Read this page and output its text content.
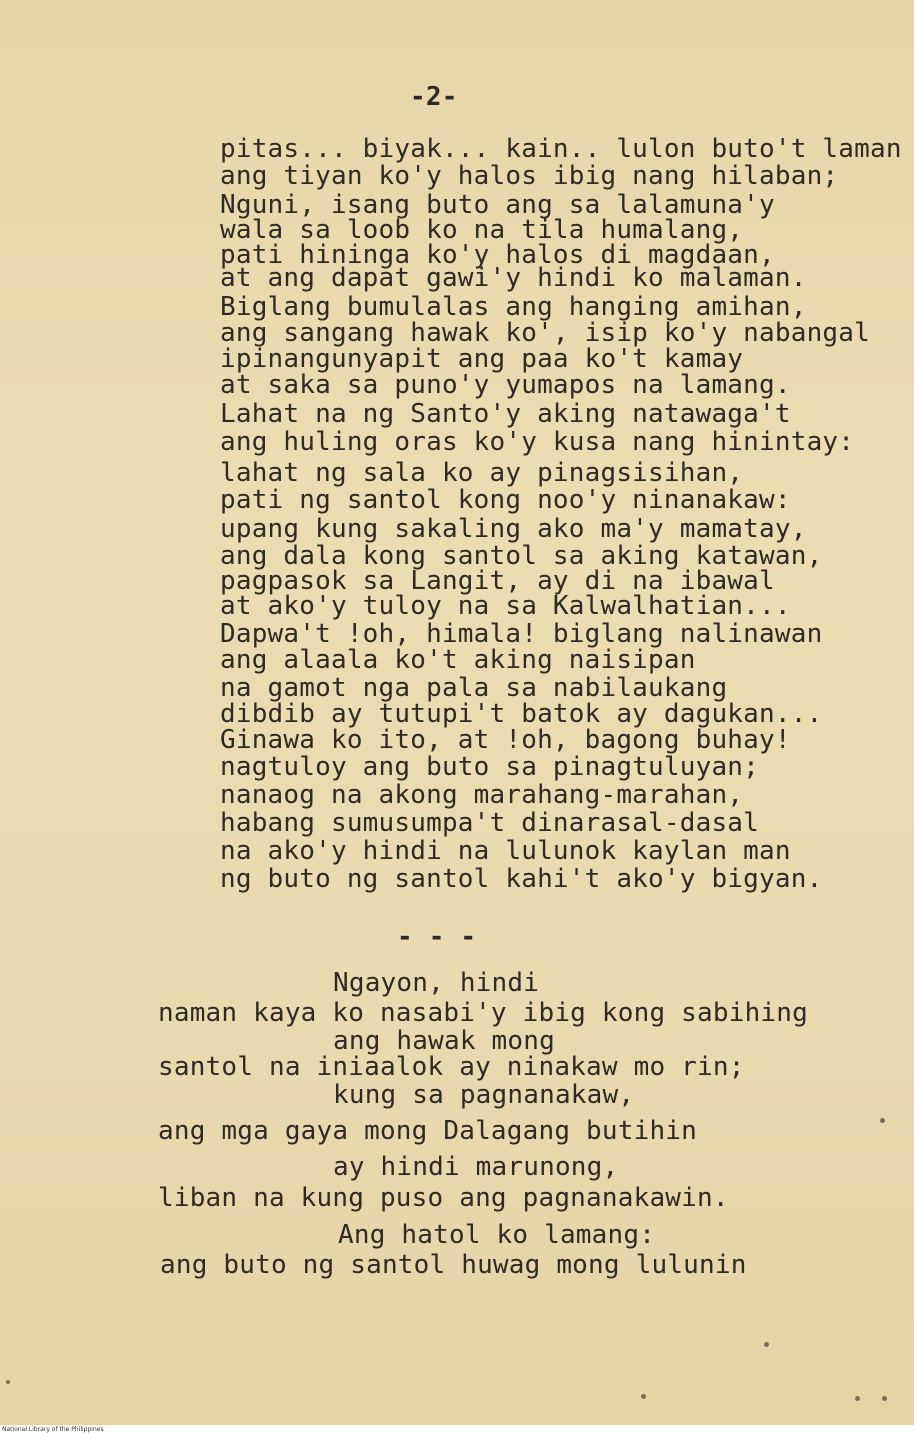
-2-
pitas... biyak... kain.. lulon buto't laman
ang tiyan ko'y halos ibig nang hilaban;
Nguni, isang buto ang sa lalamuna'y
wala sa loob ko na tila humalang,
pati hininga ko'y halos di magdaan,
at ang dapat gawi'y hindi ko malaman.
Biglang bumulalas ang hanging amihan,
ang sangang hawak ko', isip ko'y nabangal
ipinangunyapit ang paa ko't kamay
at saka sa puno'y yumapos na lamang.
Lahat na ng Santo'y aking natawaga't
ang huling oras ko'y kusa nang hinintay:
lahat ng sala ko ay pinagsisihan,
pati ng santol kong noo'y ninanakaw:
upang kung sakaling ako ma'y mamatay,
ang dala kong santol sa aking katawan,
pagpasok sa Langit, ay di na ibawal
at ako'y tuloy na sa Kalwalhatian...
Dapwa't !oh, himala! biglang nalinawan
ang alaala ko't aking naisipan
na gamot nga pala sa nabilaukang
dibdib ay tutupi't batok ay dagukan...
Ginawa ko ito, at !oh, bagong buhay!
nagtuloy ang buto sa pinagtuluyan;
nanaog na akong marahang-marahan,
habang sumusumpa't dinarasal-dasal
na ako'y hindi na lulunok kaylan man
ng buto ng santol kahi't ako'y bigyan.
- - -
Ngayon, hindi
naman kaya ko nasabi'y ibig kong sabihing
ang hawak mong
santol na iniaalok ay ninakaw mo rin;
kung sa pagnanakaw,
ang mga gaya mong Dalagang butihin
ay hindi marunong,
liban na kung puso ang pagnanakawin.
Ang hatol ko lamang:
ang buto ng santol huwag mong lulunin
National Library of the Philippines
